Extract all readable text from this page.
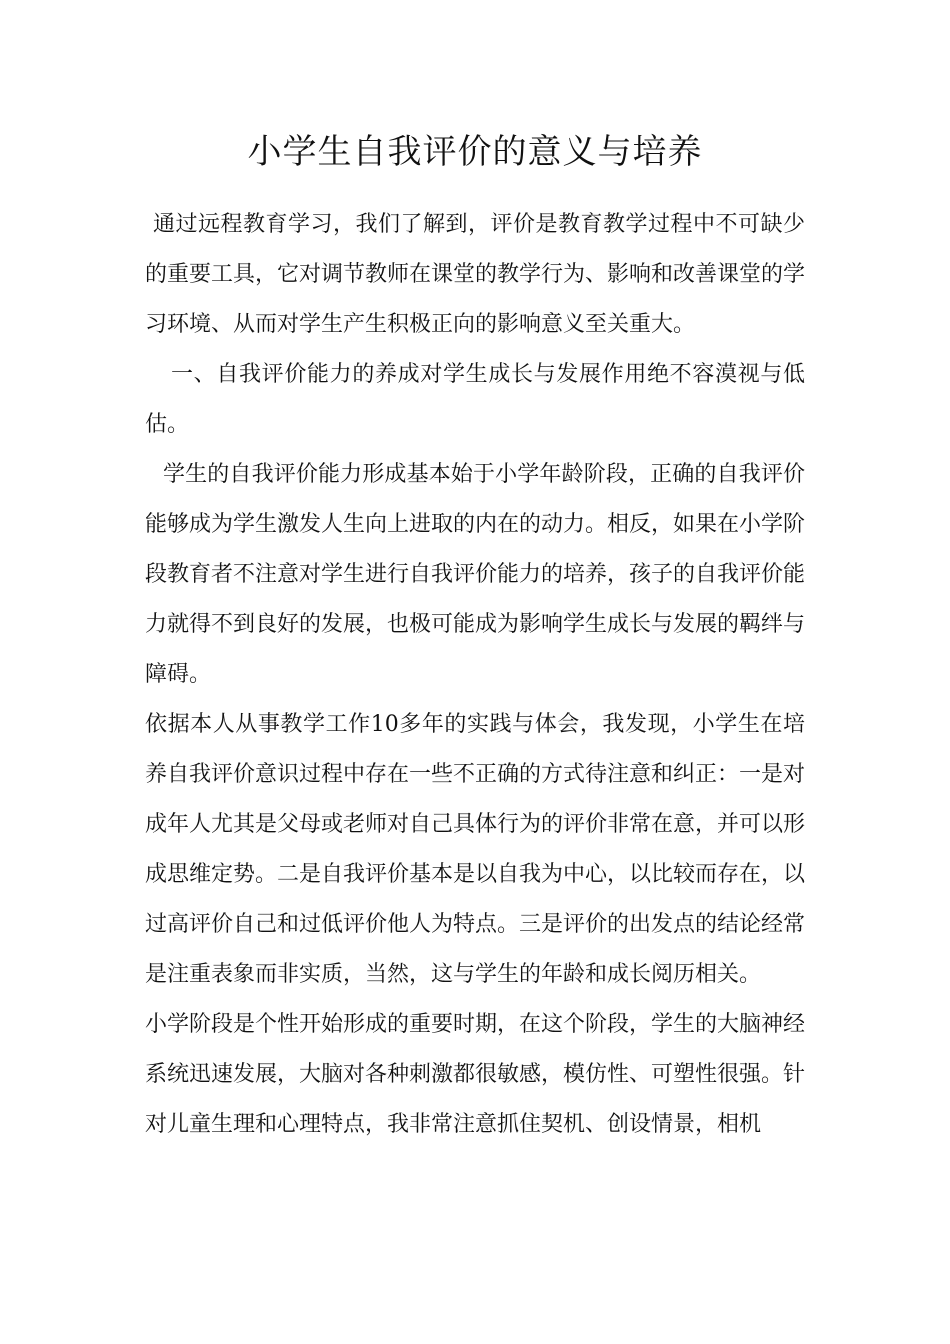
小学生自我评价的意义与培养

通过远程教育学习，我们了解到，评价是教育教学过程中不可缺少的重要工具，它对调节教师在课堂的教学行为、影响和改善课堂的学习环境、从而对学生产生积极正向的影响意义至关重大。

一、自我评价能力的养成对学生成长与发展作用绝不容漠视与低估。

学生的自我评价能力形成基本始于小学年龄阶段，正确的自我评价能够成为学生激发人生向上进取的内在的动力。相反，如果在小学阶段教育者不注意对学生进行自我评价能力的培养，孩子的自我评价能力就得不到良好的发展，也极可能成为影响学生成长与发展的羁绊与障碍。

依据本人从事教学工作10多年的实践与体会，我发现，小学生在培养自我评价意识过程中存在一些不正确的方式待注意和纠正：一是对成年人尤其是父母或老师对自己具体行为的评价非常在意，并可以形成思维定势。二是自我评价基本是以自我为中心，以比较而存在，以过高评价自己和过低评价他人为特点。三是评价的出发点的结论经常是注重表象而非实质，当然，这与学生的年龄和成长阅历相关。

小学阶段是个性开始形成的重要时期，在这个阶段，学生的大脑神经系统迅速发展，大脑对各种刺激都很敏感，模仿性、可塑性很强。针对儿童生理和心理特点，我非常注意抓住契机、创设情景，相机
